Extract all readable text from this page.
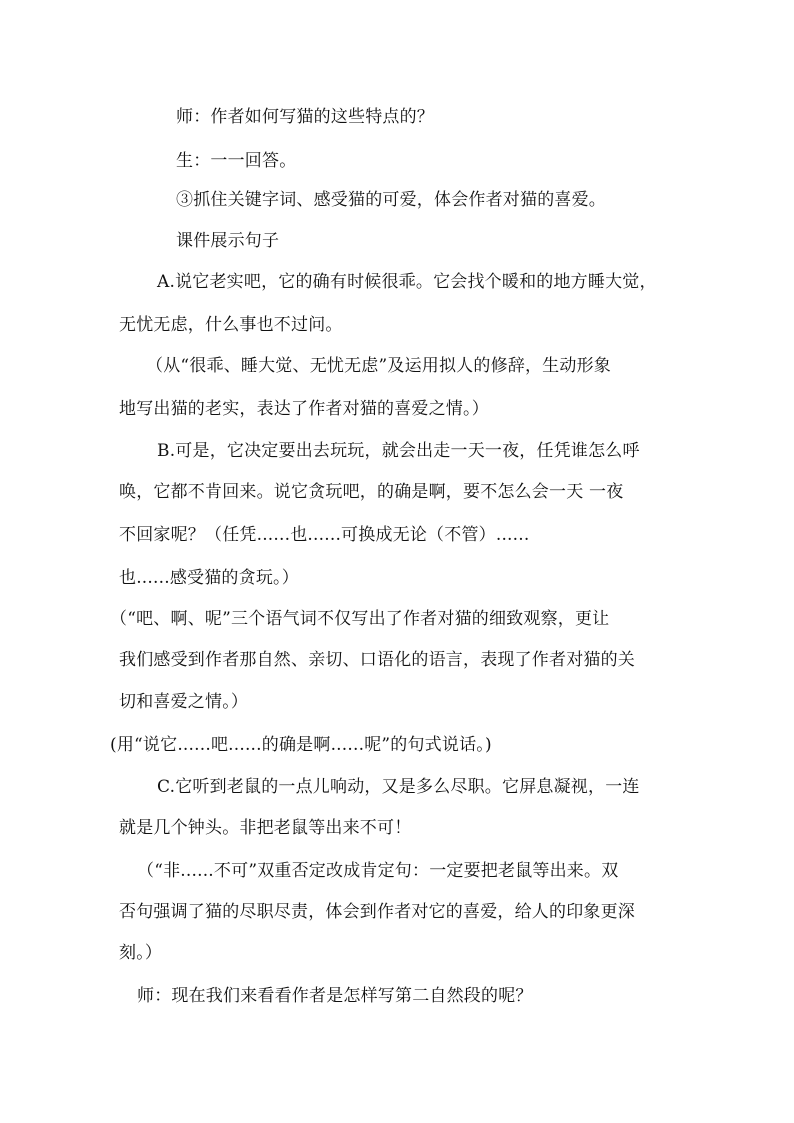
师：作者如何写猫的这些特点的？
生：一一回答。
③抓住关键字词、感受猫的可爱，体会作者对猫的喜爱。
课件展示句子
A.说它老实吧，它的确有时候很乖。它会找个暖和的地方睡大觉，
无忧无虑，什么事也不过问。
（从“很乖、睡大觉、无忧无虑”及运用拟人的修辞，生动形象
地写出猫的老实，表达了作者对猫的喜爱之情。）
B.可是，它决定要出去玩玩，就会出走一天一夜，任凭谁怎么呼
唤，它都不肯回来。说它贪玩吧，的确是啊，要不怎么会一天 一夜
不回家呢？（任凭......也......可换成无论（不管）......
也......感受猫的贪玩。）
（“吧、啊、呢”三个语气词不仅写出了作者对猫的细致观察，更让
我们感受到作者那自然、亲切、口语化的语言，表现了作者对猫的关
切和喜爱之情。）
(用“说它......吧......的确是啊......呢”的句式说话。)
C.它听到老鼠的一点儿响动，又是多么尽职。它屏息凝视，一连
就是几个钟头。非把老鼠等出来不可！
（“非......不可”双重否定改成肯定句：一定要把老鼠等出来。双
否句强调了猫的尽职尽责，体会到作者对它的喜爱，给人的印象更深
刻。）
师：现在我们来看看作者是怎样写第二自然段的呢？
